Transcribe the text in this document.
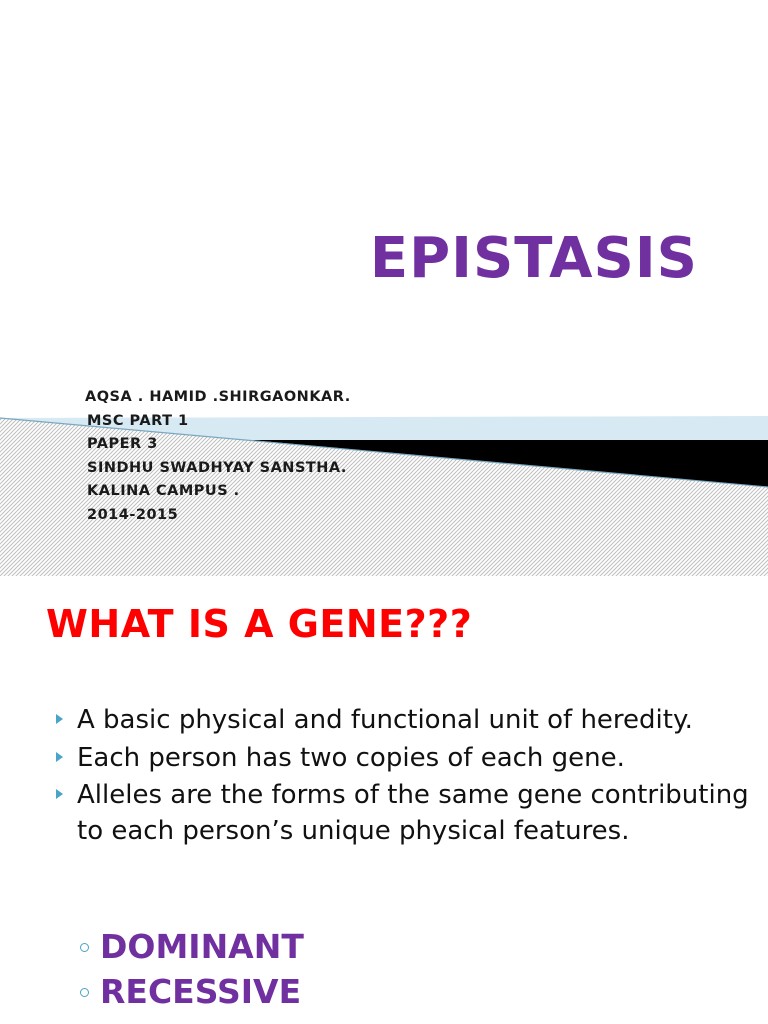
EPISTASIS
AQSA . HAMID .SHIRGAONKAR.
MSC PART 1
PAPER 3
SINDHU SWADHYAY SANSTHA.
KALINA CAMPUS .
2014-2015
WHAT IS A GENE???
A basic physical and functional unit of heredity.
Each person has two copies of each gene.
Alleles are the forms of the same gene contributing to each person’s unique physical features.
DOMINANT
RECESSIVE
